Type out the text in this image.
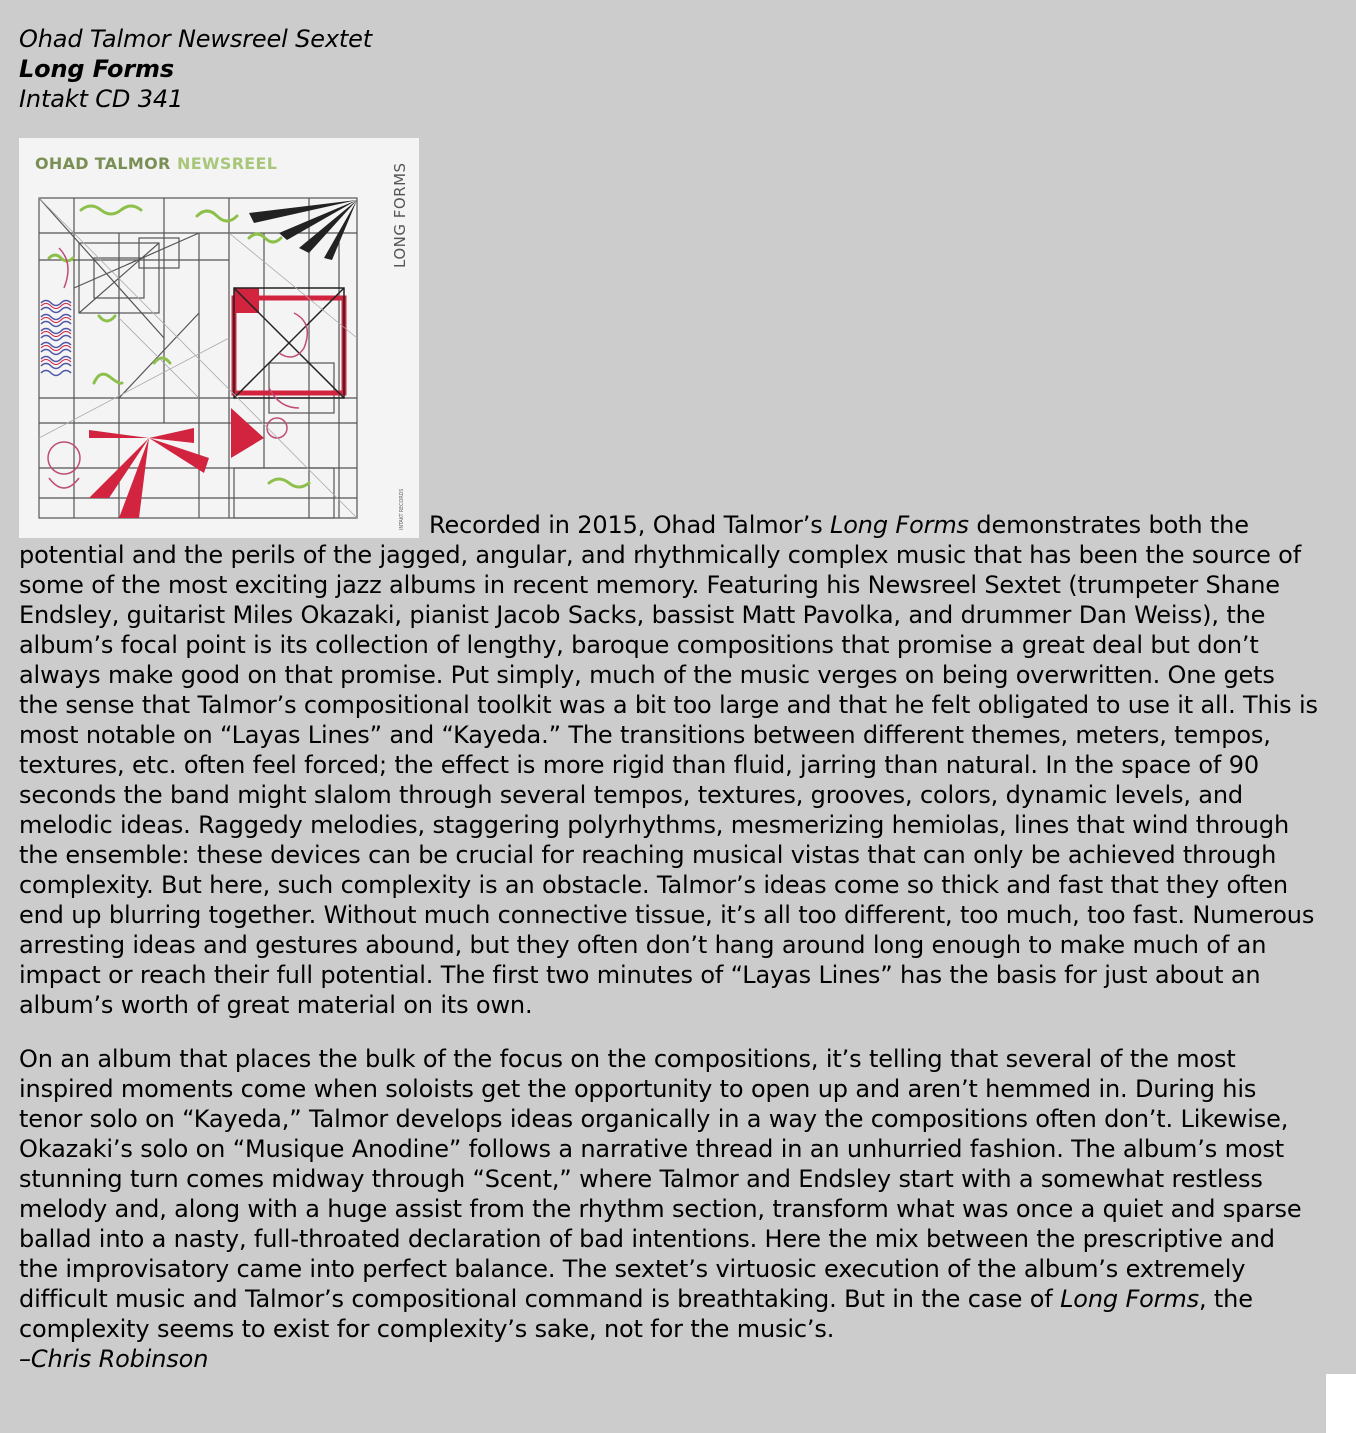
Ohad Talmor Newsreel Sextet

Long Forms

Intakt CD 341

OHAD TALMOR NEWSREEL	LONG FORMS
INTAKT RECORDS Recorded in 2015, Ohad Talmor’s Long Forms demonstrates both the potential and the perils of the jagged, angular, and rhythmically complex music that has been the source of some of the most exciting jazz albums in recent memory. Featuring his Newsreel Sextet (trumpeter Shane Endsley, guitarist Miles Okazaki, pianist Jacob Sacks, bassist Matt Pavolka, and drummer Dan Weiss), the album’s focal point is its collection of lengthy, baroque compositions that promise a great deal but don’t always make good on that promise. Put simply, much of the music verges on being overwritten. One gets the sense that Talmor’s compositional toolkit was a bit too large and that he felt obligated to use it all. This is most notable on “Layas Lines” and “Kayeda.” The transitions between different themes, meters, tempos, textures, etc. often feel forced; the effect is more rigid than fluid, jarring than natural. In the space of 90 seconds the band might slalom through several tempos, textures, grooves, colors, dynamic levels, and melodic ideas. Raggedy melodies, staggering polyrhythms, mesmerizing hemiolas, lines that wind through the ensemble: these devices can be crucial for reaching musical vistas that can only be achieved through complexity. But here, such complexity is an obstacle. Talmor’s ideas come so thick and fast that they often end up blurring together. Without much connective tissue, it’s all too different, too much, too fast. Numerous arresting ideas and gestures abound, but they often don’t hang around long enough to make much of an impact or reach their full potential. The first two minutes of “Layas Lines” has the basis for just about an album’s worth of great material on its own.

On an album that places the bulk of the focus on the compositions, it’s telling that several of the most inspired moments come when soloists get the opportunity to open up and aren’t hemmed in. During his tenor solo on “Kayeda,” Talmor develops ideas organically in a way the compositions often don’t. Likewise, Okazaki’s solo on “Musique Anodine” follows a narrative thread in an unhurried fashion. The album’s most stunning turn comes midway through “Scent,” where Talmor and Endsley start with a somewhat restless melody and, along with a huge assist from the rhythm section, transform what was once a quiet and sparse ballad into a nasty, full-throated declaration of bad intentions. Here the mix between the prescriptive and the improvisatory came into perfect balance. The sextet’s virtuosic execution of the album’s extremely difficult music and Talmor’s compositional command is breathtaking. But in the case of Long Forms, the complexity seems to exist for complexity’s sake, not for the music’s.

–Chris Robinson
